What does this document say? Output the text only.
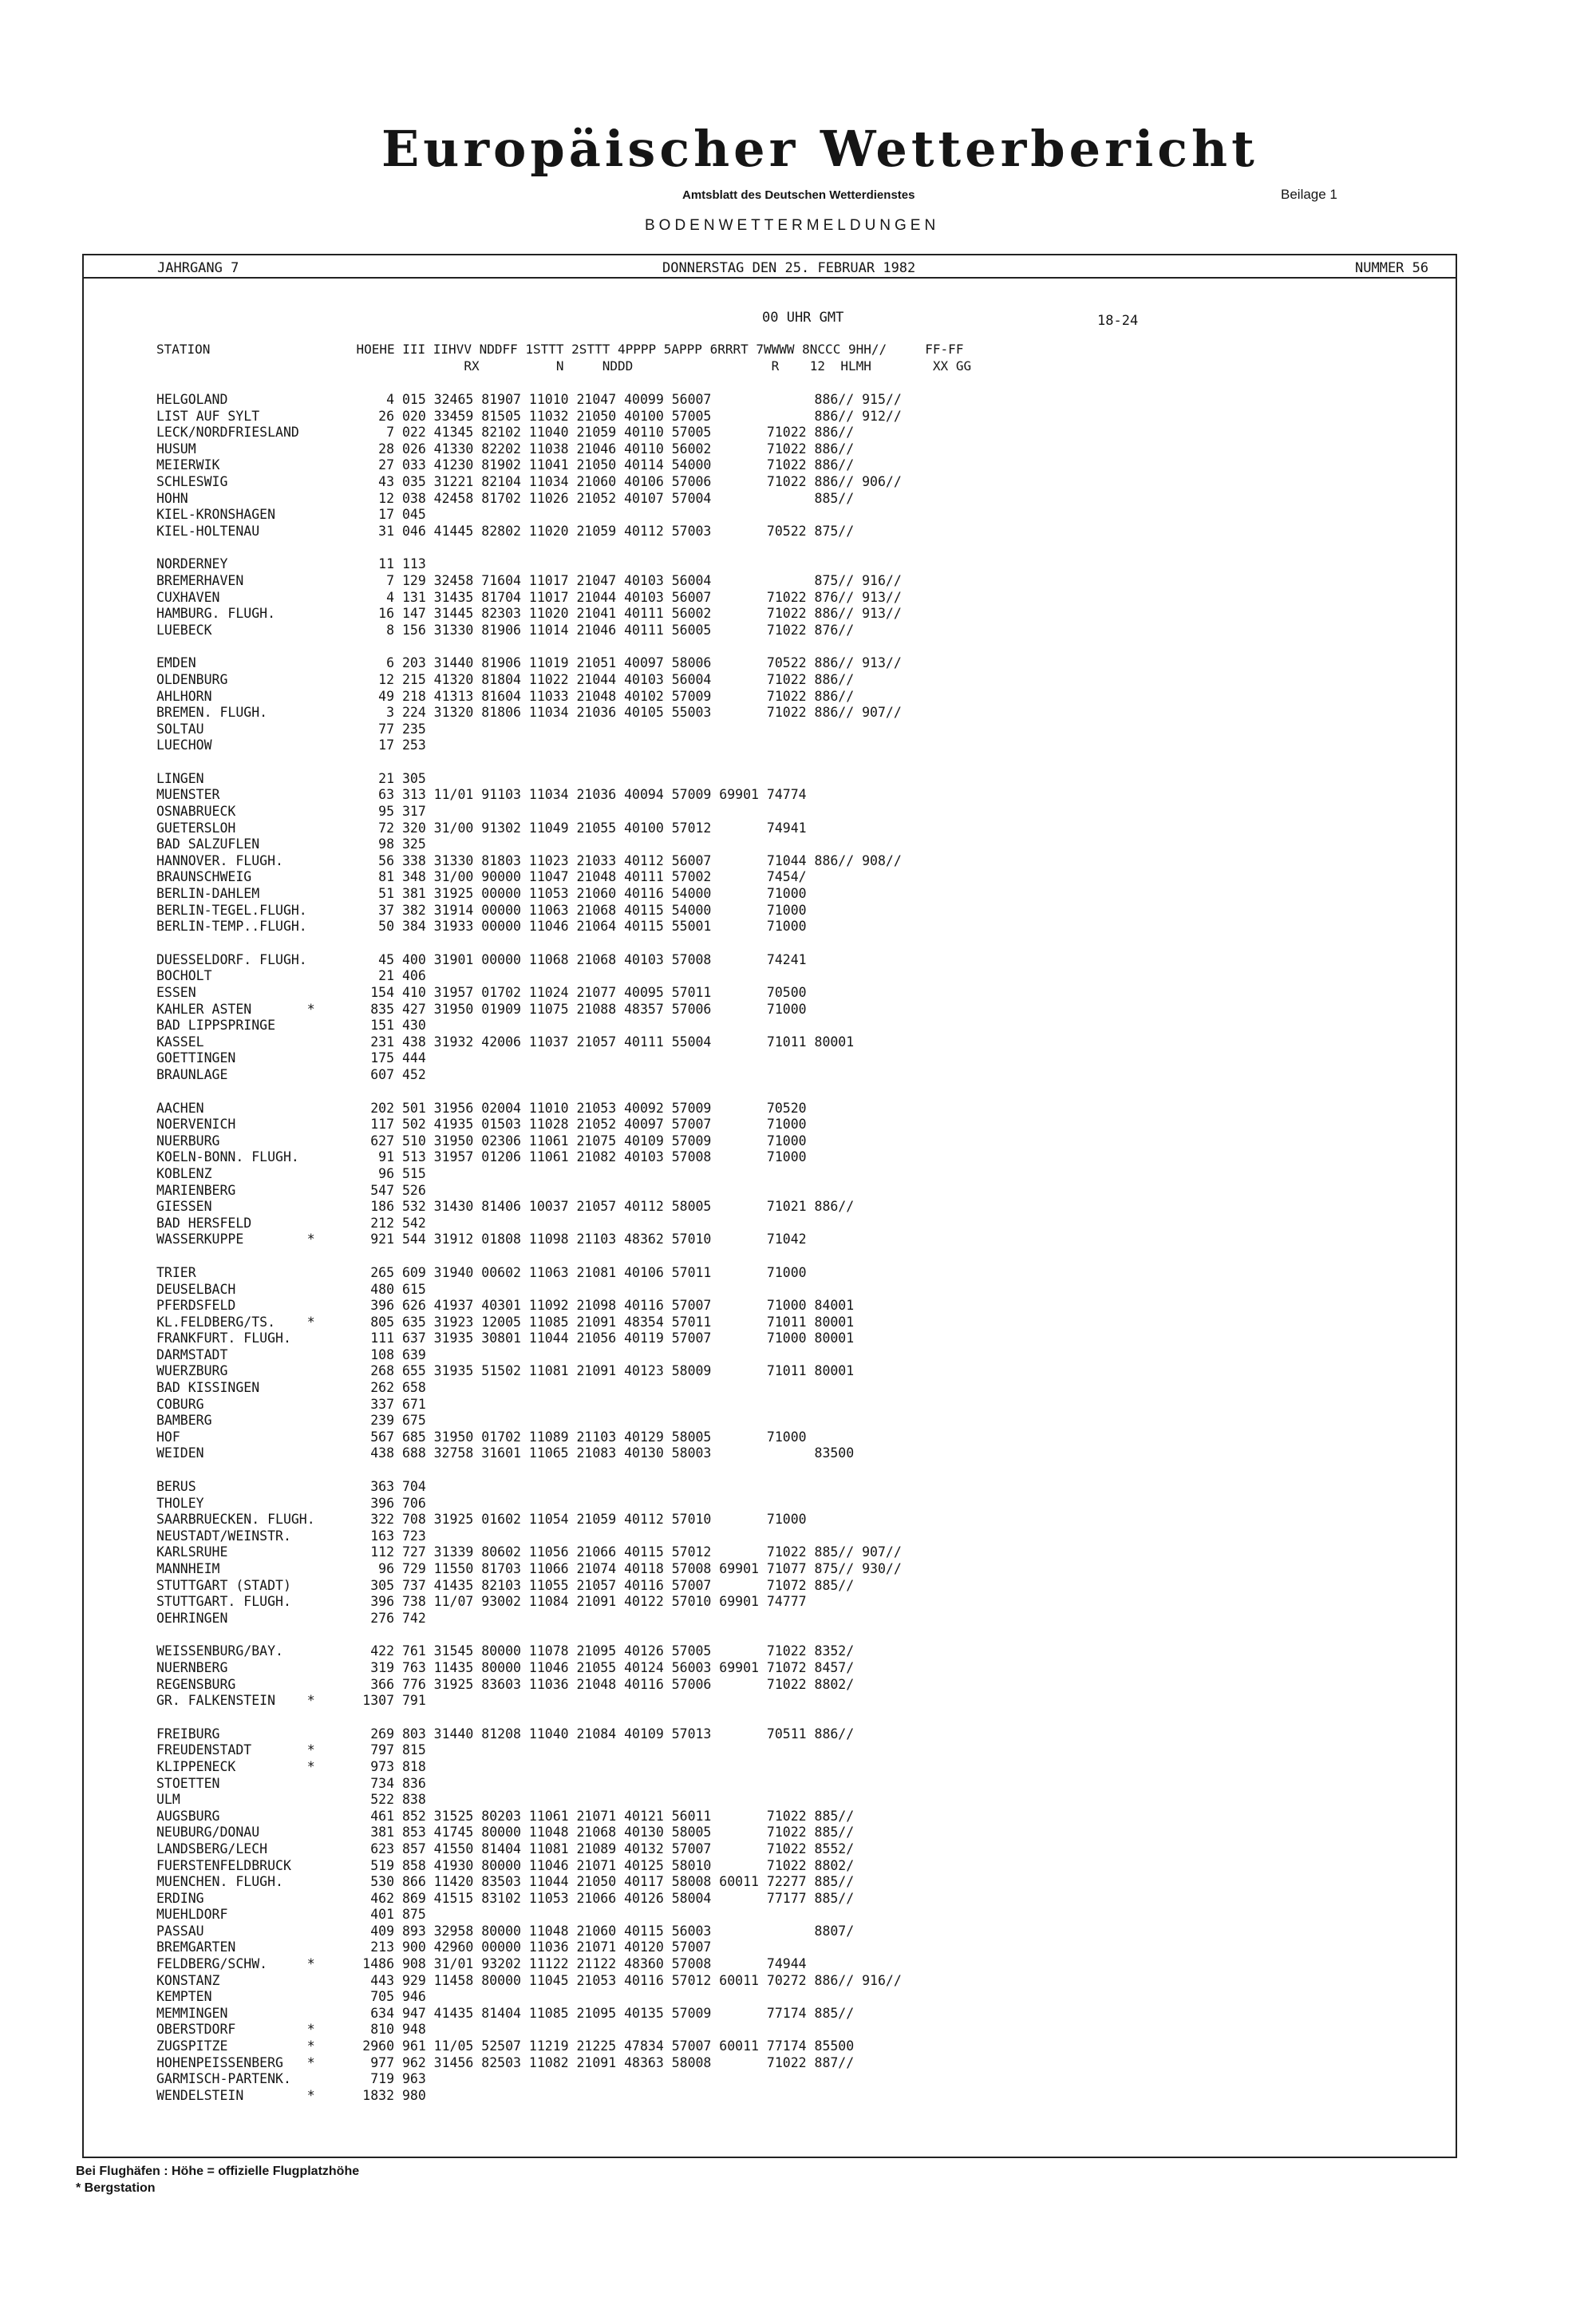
Europäischer Wetterbericht
Amtsblatt des Deutschen Wetterdienstes	Beilage 1
BODENWETTERMELDUNGEN
JAHRGANG 7	DONNERSTAG DEN 25. FEBRUAR 1982	NUMMER 56
00 UHR GMT	18-24
STATION                   HOEHE III IIHVV NDDFF 1STTT 2STTT 4PPPP 5APPP 6RRRT 7WWWW 8NCCC 9HH//     FF-FF
RX          N     NDDD                  R    12  HLMH        XX GG
HELGOLAND                    4 015 32465 81907 11010 21047 40099 56007             886// 915//
LIST AUF SYLT               26 020 33459 81505 11032 21050 40100 57005             886// 912//
LECK/NORDFRIESLAND           7 022 41345 82102 11040 21059 40110 57005       71022 886//
HUSUM                       28 026 41330 82202 11038 21046 40110 56002       71022 886//
MEIERWIK                    27 033 41230 81902 11041 21050 40114 54000       71022 886//
SCHLESWIG                   43 035 31221 82104 11034 21060 40106 57006       71022 886// 906//
HOHN                        12 038 42458 81702 11026 21052 40107 57004             885//
KIEL-KRONSHAGEN             17 045
KIEL-HOLTENAU               31 046 41445 82802 11020 21059 40112 57003       70522 875//
NORDERNEY                   11 113
BREMERHAVEN                  7 129 32458 71604 11017 21047 40103 56004             875// 916//
CUXHAVEN                     4 131 31435 81704 11017 21044 40103 56007       71022 876// 913//
HAMBURG. FLUGH.             16 147 31445 82303 11020 21041 40111 56002       71022 886// 913//
LUEBECK                      8 156 31330 81906 11014 21046 40111 56005       71022 876//
EMDEN                        6 203 31440 81906 11019 21051 40097 58006       70522 886// 913//
OLDENBURG                   12 215 41320 81804 11022 21044 40103 56004       71022 886//
AHLHORN                     49 218 41313 81604 11033 21048 40102 57009       71022 886//
BREMEN. FLUGH.               3 224 31320 81806 11034 21036 40105 55003       71022 886// 907//
SOLTAU                      77 235
LUECHOW                     17 253
LINGEN                      21 305
MUENSTER                    63 313 11/01 91103 11034 21036 40094 57009 69901 74774
OSNABRUECK                  95 317
GUETERSLOH                  72 320 31/00 91302 11049 21055 40100 57012       74941
BAD SALZUFLEN               98 325
HANNOVER. FLUGH.            56 338 31330 81803 11023 21033 40112 56007       71044 886// 908//
BRAUNSCHWEIG                81 348 31/00 90000 11047 21048 40111 57002       7454/
BERLIN-DAHLEM               51 381 31925 00000 11053 21060 40116 54000       71000
BERLIN-TEGEL.FLUGH.         37 382 31914 00000 11063 21068 40115 54000       71000
BERLIN-TEMP..FLUGH.         50 384 31933 00000 11046 21064 40115 55001       71000
DUESSELDORF. FLUGH.         45 400 31901 00000 11068 21068 40103 57008       74241
BOCHOLT                     21 406
ESSEN                      154 410 31957 01702 11024 21077 40095 57011       70500
KAHLER ASTEN       *       835 427 31950 01909 11075 21088 48357 57006       71000
BAD LIPPSPRINGE            151 430
KASSEL                     231 438 31932 42006 11037 21057 40111 55004       71011 80001
GOETTINGEN                 175 444
BRAUNLAGE                  607 452
AACHEN                     202 501 31956 02004 11010 21053 40092 57009       70520
NOERVENICH                 117 502 41935 01503 11028 21052 40097 57007       71000
NUERBURG                   627 510 31950 02306 11061 21075 40109 57009       71000
KOELN-BONN. FLUGH.          91 513 31957 01206 11061 21082 40103 57008       71000
KOBLENZ                     96 515
MARIENBERG                 547 526
GIESSEN                    186 532 31430 81406 10037 21057 40112 58005       71021 886//
BAD HERSFELD               212 542
WASSERKUPPE        *       921 544 31912 01808 11098 21103 48362 57010       71042
TRIER                      265 609 31940 00602 11063 21081 40106 57011       71000
DEUSELBACH                 480 615
PFERDSFELD                 396 626 41937 40301 11092 21098 40116 57007       71000 84001
KL.FELDBERG/TS.    *       805 635 31923 12005 11085 21091 48354 57011       71011 80001
FRANKFURT. FLUGH.          111 637 31935 30801 11044 21056 40119 57007       71000 80001
DARMSTADT                  108 639
WUERZBURG                  268 655 31935 51502 11081 21091 40123 58009       71011 80001
BAD KISSINGEN              262 658
COBURG                     337 671
BAMBERG                    239 675
HOF                        567 685 31950 01702 11089 21103 40129 58005       71000
WEIDEN                     438 688 32758 31601 11065 21083 40130 58003             83500
BERUS                      363 704
THOLEY                     396 706
SAARBRUECKEN. FLUGH.       322 708 31925 01602 11054 21059 40112 57010       71000
NEUSTADT/WEINSTR.          163 723
KARLSRUHE                  112 727 31339 80602 11056 21066 40115 57012       71022 885// 907//
MANNHEIM                    96 729 11550 81703 11066 21074 40118 57008 69901 71077 875// 930//
STUTTGART (STADT)          305 737 41435 82103 11055 21057 40116 57007       71072 885//
STUTTGART. FLUGH.          396 738 11/07 93002 11084 21091 40122 57010 69901 74777
OEHRINGEN                  276 742
WEISSENBURG/BAY.           422 761 31545 80000 11078 21095 40126 57005       71022 8352/
NUERNBERG                  319 763 11435 80000 11046 21055 40124 56003 69901 71072 8457/
REGENSBURG                 366 776 31925 83603 11036 21048 40116 57006       71022 8802/
GR. FALKENSTEIN    *      1307 791
FREIBURG                   269 803 31440 81208 11040 21084 40109 57013       70511 886//
FREUDENSTADT       *       797 815
KLIPPENECK         *       973 818
STOETTEN                   734 836
ULM                        522 838
AUGSBURG                   461 852 31525 80203 11061 21071 40121 56011       71022 885//
NEUBURG/DONAU              381 853 41745 80000 11048 21068 40130 58005       71022 885//
LANDSBERG/LECH             623 857 41550 81404 11081 21089 40132 57007       71022 8552/
FUERSTENFELDBRUCK          519 858 41930 80000 11046 21071 40125 58010       71022 8802/
MUENCHEN. FLUGH.           530 866 11420 83503 11044 21050 40117 58008 60011 72277 885//
ERDING                     462 869 41515 83102 11053 21066 40126 58004       77177 885//
MUEHLDORF                  401 875
PASSAU                     409 893 32958 80000 11048 21060 40115 56003             8807/
BREMGARTEN                 213 900 42960 00000 11036 21071 40120 57007
FELDBERG/SCHW.     *      1486 908 31/01 93202 11122 21122 48360 57008       74944
KONSTANZ                   443 929 11458 80000 11045 21053 40116 57012 60011 70272 886// 916//
KEMPTEN                    705 946
MEMMINGEN                  634 947 41435 81404 11085 21095 40135 57009       77174 885//
OBERSTDORF         *       810 948
ZUGSPITZE          *      2960 961 11/05 52507 11219 21225 47834 57007 60011 77174 85500
HOHENPEISSENBERG   *       977 962 31456 82503 11082 21091 48363 58008       71022 887//
GARMISCH-PARTENK.          719 963
WENDELSTEIN        *      1832 980
Bei Flughäfen : Höhe = offizielle Flugplatzhöhe
* Bergstation
